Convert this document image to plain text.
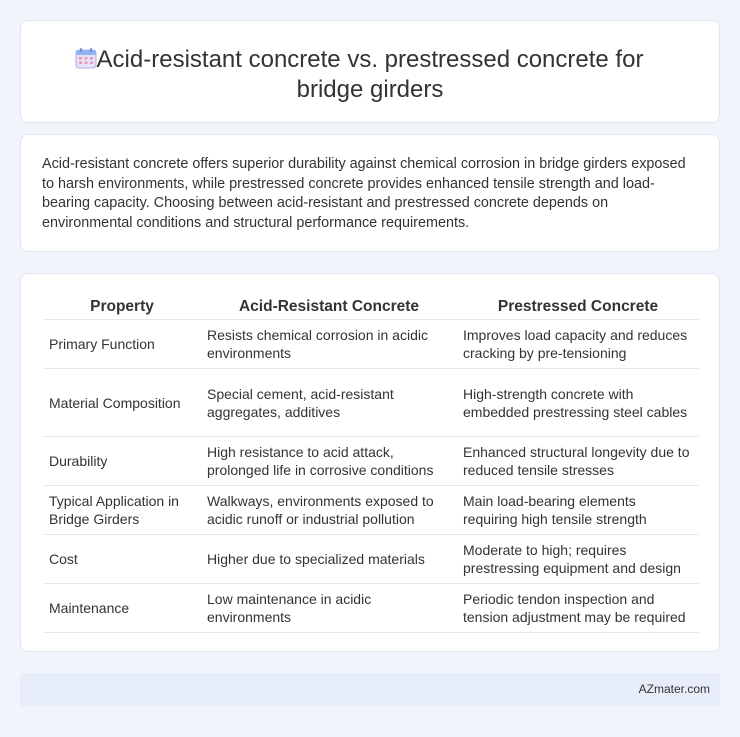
Acid-resistant concrete vs. prestressed concrete for bridge girders

Acid-resistant concrete offers superior durability against chemical corrosion in bridge girders exposed to harsh environments, while prestressed concrete provides enhanced tensile strength and load-bearing capacity. Choosing between acid-resistant and prestressed concrete depends on environmental conditions and structural performance requirements.

Property	Acid-Resistant Concrete	Prestressed Concrete
Primary Function	Resists chemical corrosion in acidic environments	Improves load capacity and reduces cracking by pre-tensioning
Material Composition	Special cement, acid-resistant aggregates, additives	High-strength concrete with embedded prestressing steel cables
Durability	High resistance to acid attack, prolonged life in corrosive conditions	Enhanced structural longevity due to reduced tensile stresses
Typical Application in Bridge Girders	Walkways, environments exposed to acidic runoff or industrial pollution	Main load-bearing elements requiring high tensile strength
Cost	Higher due to specialized materials	Moderate to high; requires prestressing equipment and design
Maintenance	Low maintenance in acidic environments	Periodic tendon inspection and tension adjustment may be required
AZmater.com
